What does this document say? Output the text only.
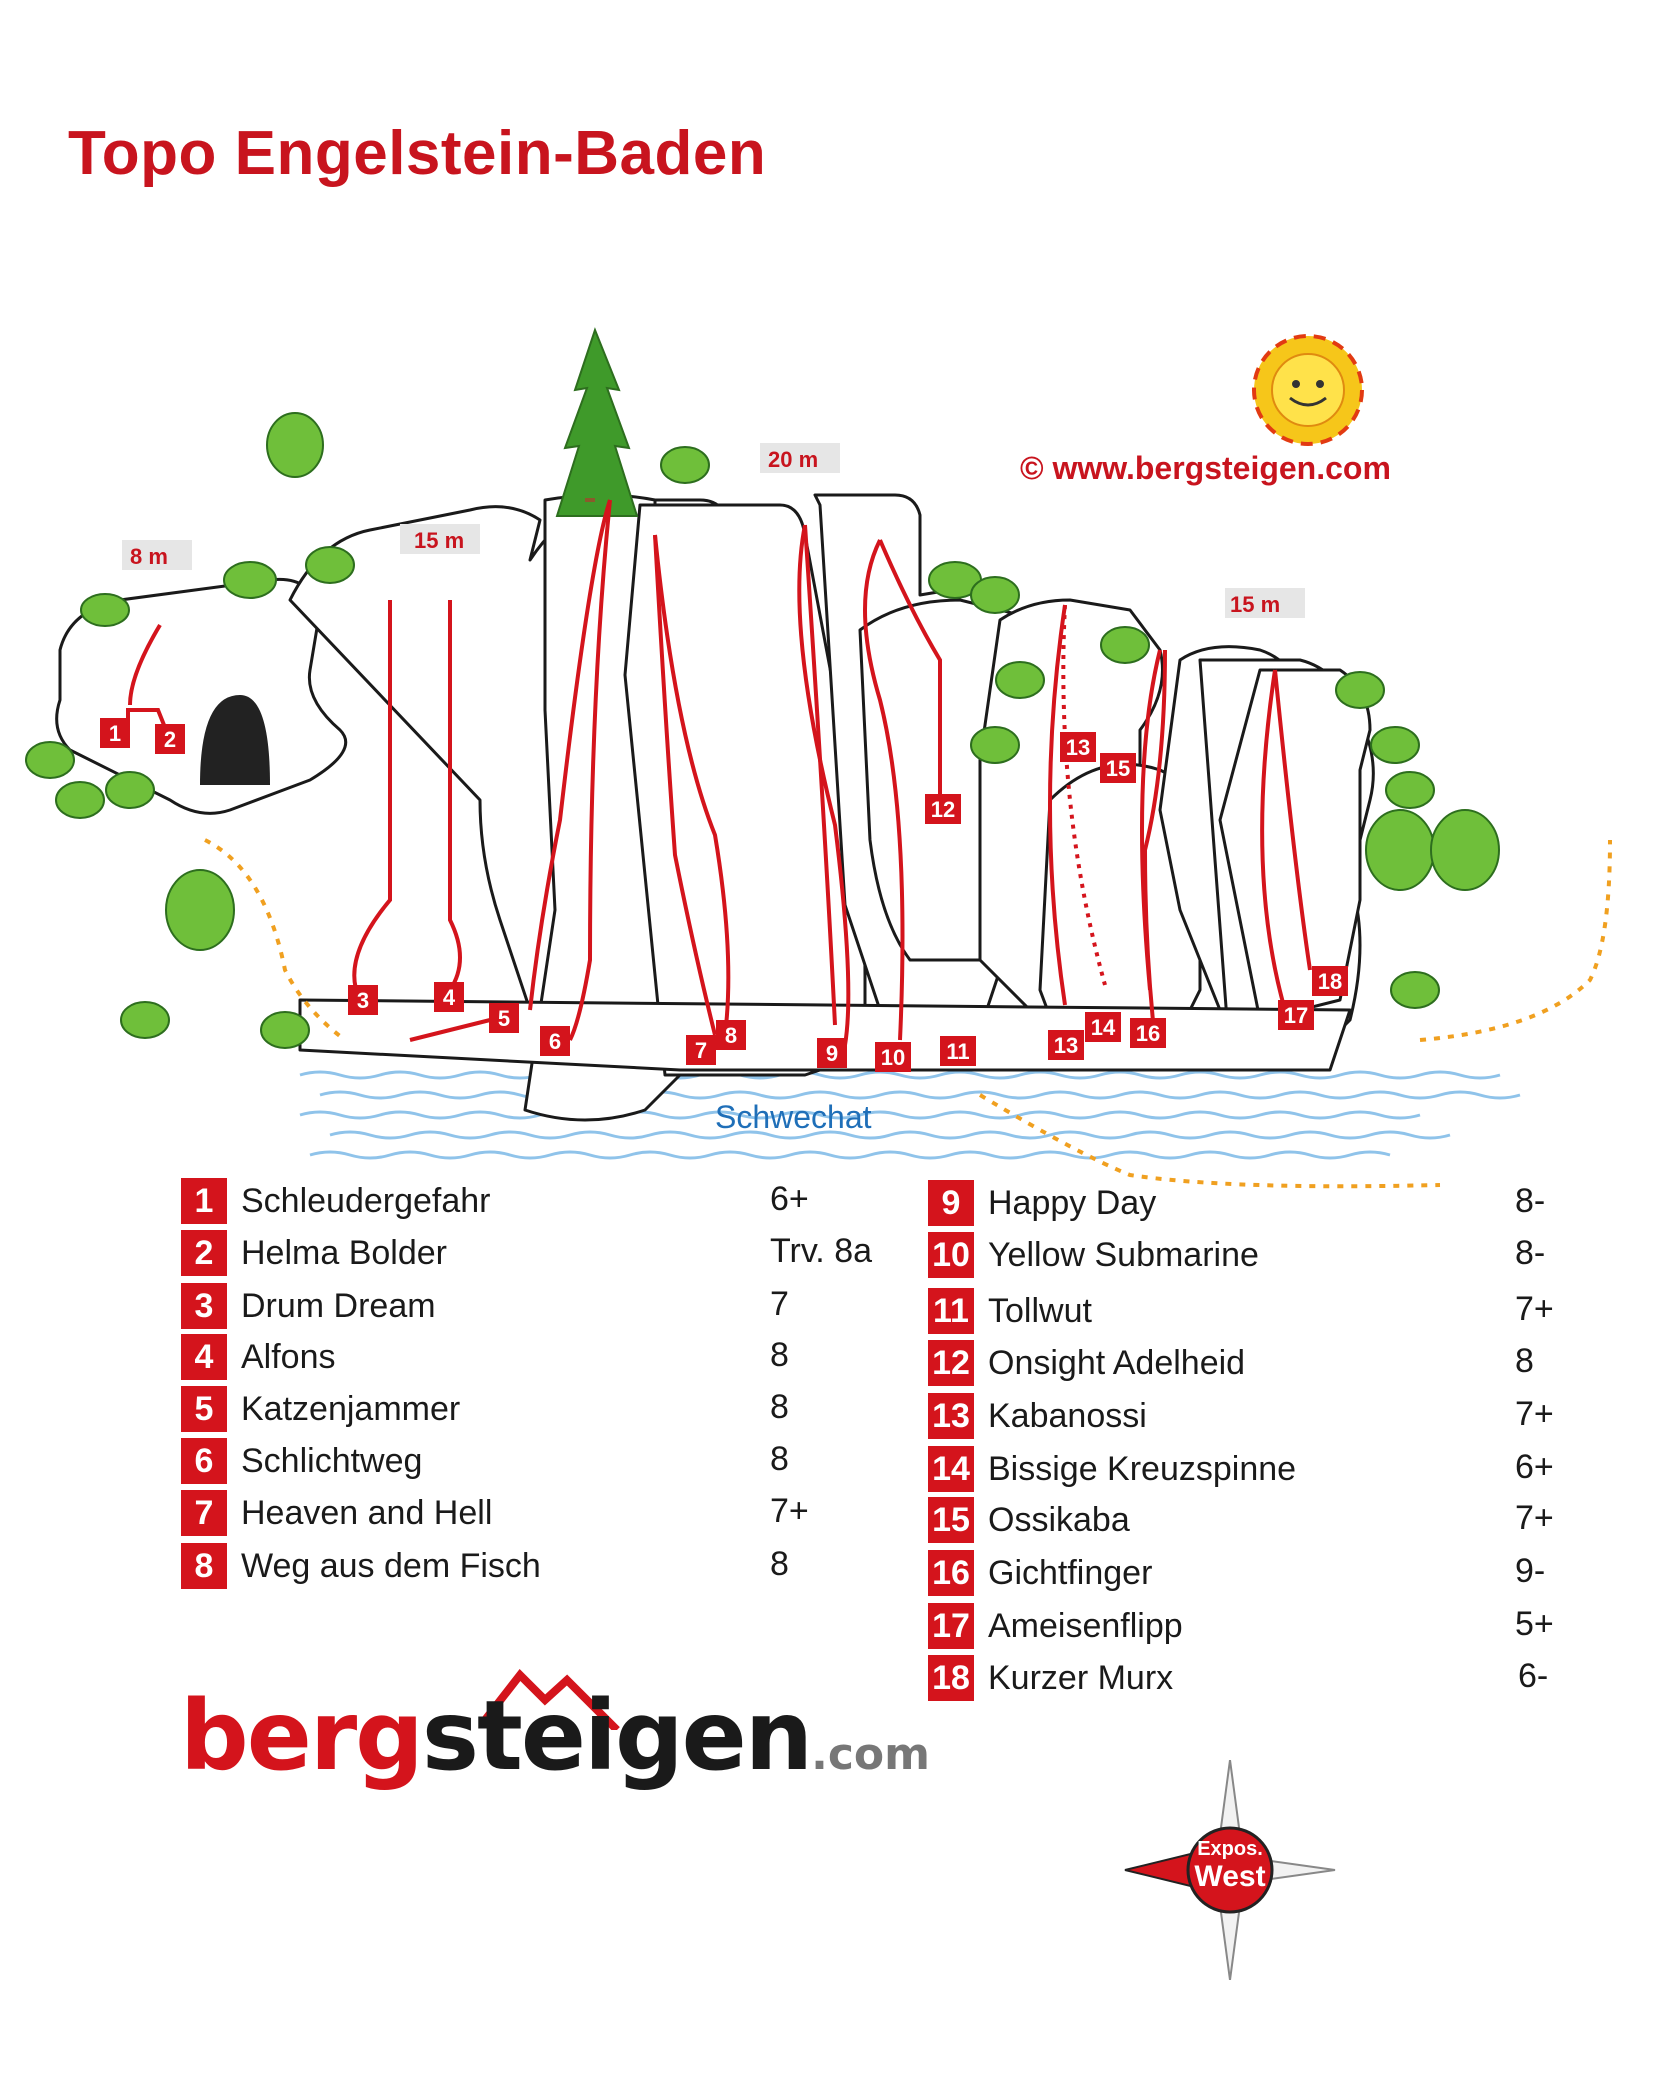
Topo Engelstein-Baden
© www.bergsteigen.com
Schwechat
8 m
15 m
20 m
15 m
1 2
3	4
5
6	7
8
9 10 11
12
13
13
14
15
16
17
18
1 Schleudergefahr	6+
2 Helma Bolder	Trv. 8a
3 Drum Dream	7
4 Alfons	8
5 Katzenjammer	8
6 Schlichtweg	8
7 Heaven and Hell	7+
8 Weg aus dem Fisch	8
9 Happy Day	8-
10 Yellow Submarine	8-
11 Tollwut	7+
12 Onsight Adelheid	8
13 Kabanossi	7+
14 Bissige Kreuzspinne	6+
15 Ossikaba	7+
16 Gichtfinger	9-
17 Ameisenflipp	5+
18 Kurzer Murx	6-
bergsteigen.com
Expos.
West
